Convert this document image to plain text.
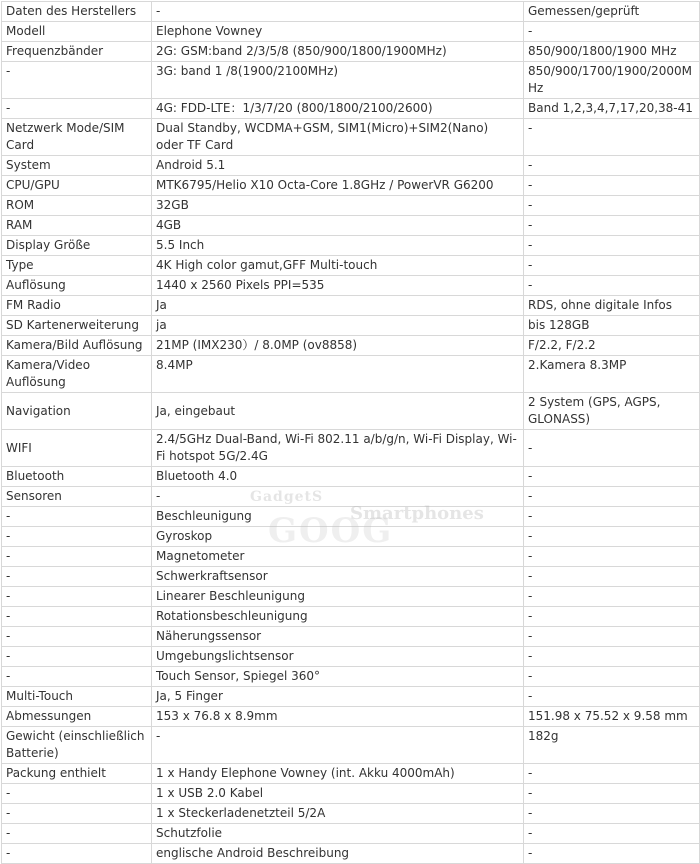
Daten des Herstellers	-	Gemessen/geprüft
Modell	Elephone Vowney	-
Frequenzbänder	2G: GSM:band 2/3/5/8 (850/900/1800/1900MHz)	850/900/1800/1900 MHz
-	3G: band 1 /8(1900/2100MHz)	850/900/1700/1900/2000MHz
-	4G: FDD-LTE：1/3/7/20 (800/1800/2100/2600)	Band 1,2,3,4,7,17,20,38-41
Netzwerk Mode/SIM Card	Dual Standby, WCDMA+GSM, SIM1(Micro)+SIM2(Nano) oder TF Card	-
System	Android 5.1	-
CPU/GPU	MTK6795/Helio X10 Octa-Core 1.8GHz / PowerVR G6200	-
ROM	32GB	-
RAM	4GB	-
Display Größe	5.5 Inch	-
Type	4K High color gamut,GFF Multi-touch	-
Auflösung	1440 x 2560 Pixels PPI=535	-
FM Radio	Ja	RDS, ohne digitale Infos
SD Kartenerweiterung	ja	bis 128GB
Kamera/Bild Auflösung	21MP (IMX230）/ 8.0MP (ov8858)	F/2.2, F/2.2
Kamera/Video Auflösung	8.4MP	2.Kamera 8.3MP
Navigation	Ja, eingebaut	2 System (GPS, AGPS, GLONASS)
WIFI	2.4/5GHz Dual-Band, Wi-Fi 802.11 a/b/g/n, Wi-Fi Display, Wi-Fi hotspot 5G/2.4G	-
Bluetooth	Bluetooth 4.0	-
Sensoren	-	-
-	Beschleunigung	-
-	Gyroskop	-
-	Magnetometer	-
-	Schwerkraftsensor	-
-	Linearer Beschleunigung	-
-	Rotationsbeschleunigung	-
-	Näherungssensor	-
-	Umgebungslichtsensor	-
-	Touch Sensor, Spiegel 360°	-
Multi-Touch	Ja, 5 Finger	-
Abmessungen	153 x 76.8 x 8.9mm	151.98 x 75.52 x 9.58 mm
Gewicht (einschließlich Batterie)	-	182g
Packung enthielt	1 x Handy Elephone Vowney (int. Akku 4000mAh)	-
-	1 x USB 2.0 Kabel	-
-	1 x Steckerladenetzteil 5/2A	-
-	Schutzfolie	-
-	englische Android Beschreibung	-
GadgetS
Smartphones
GOOG
